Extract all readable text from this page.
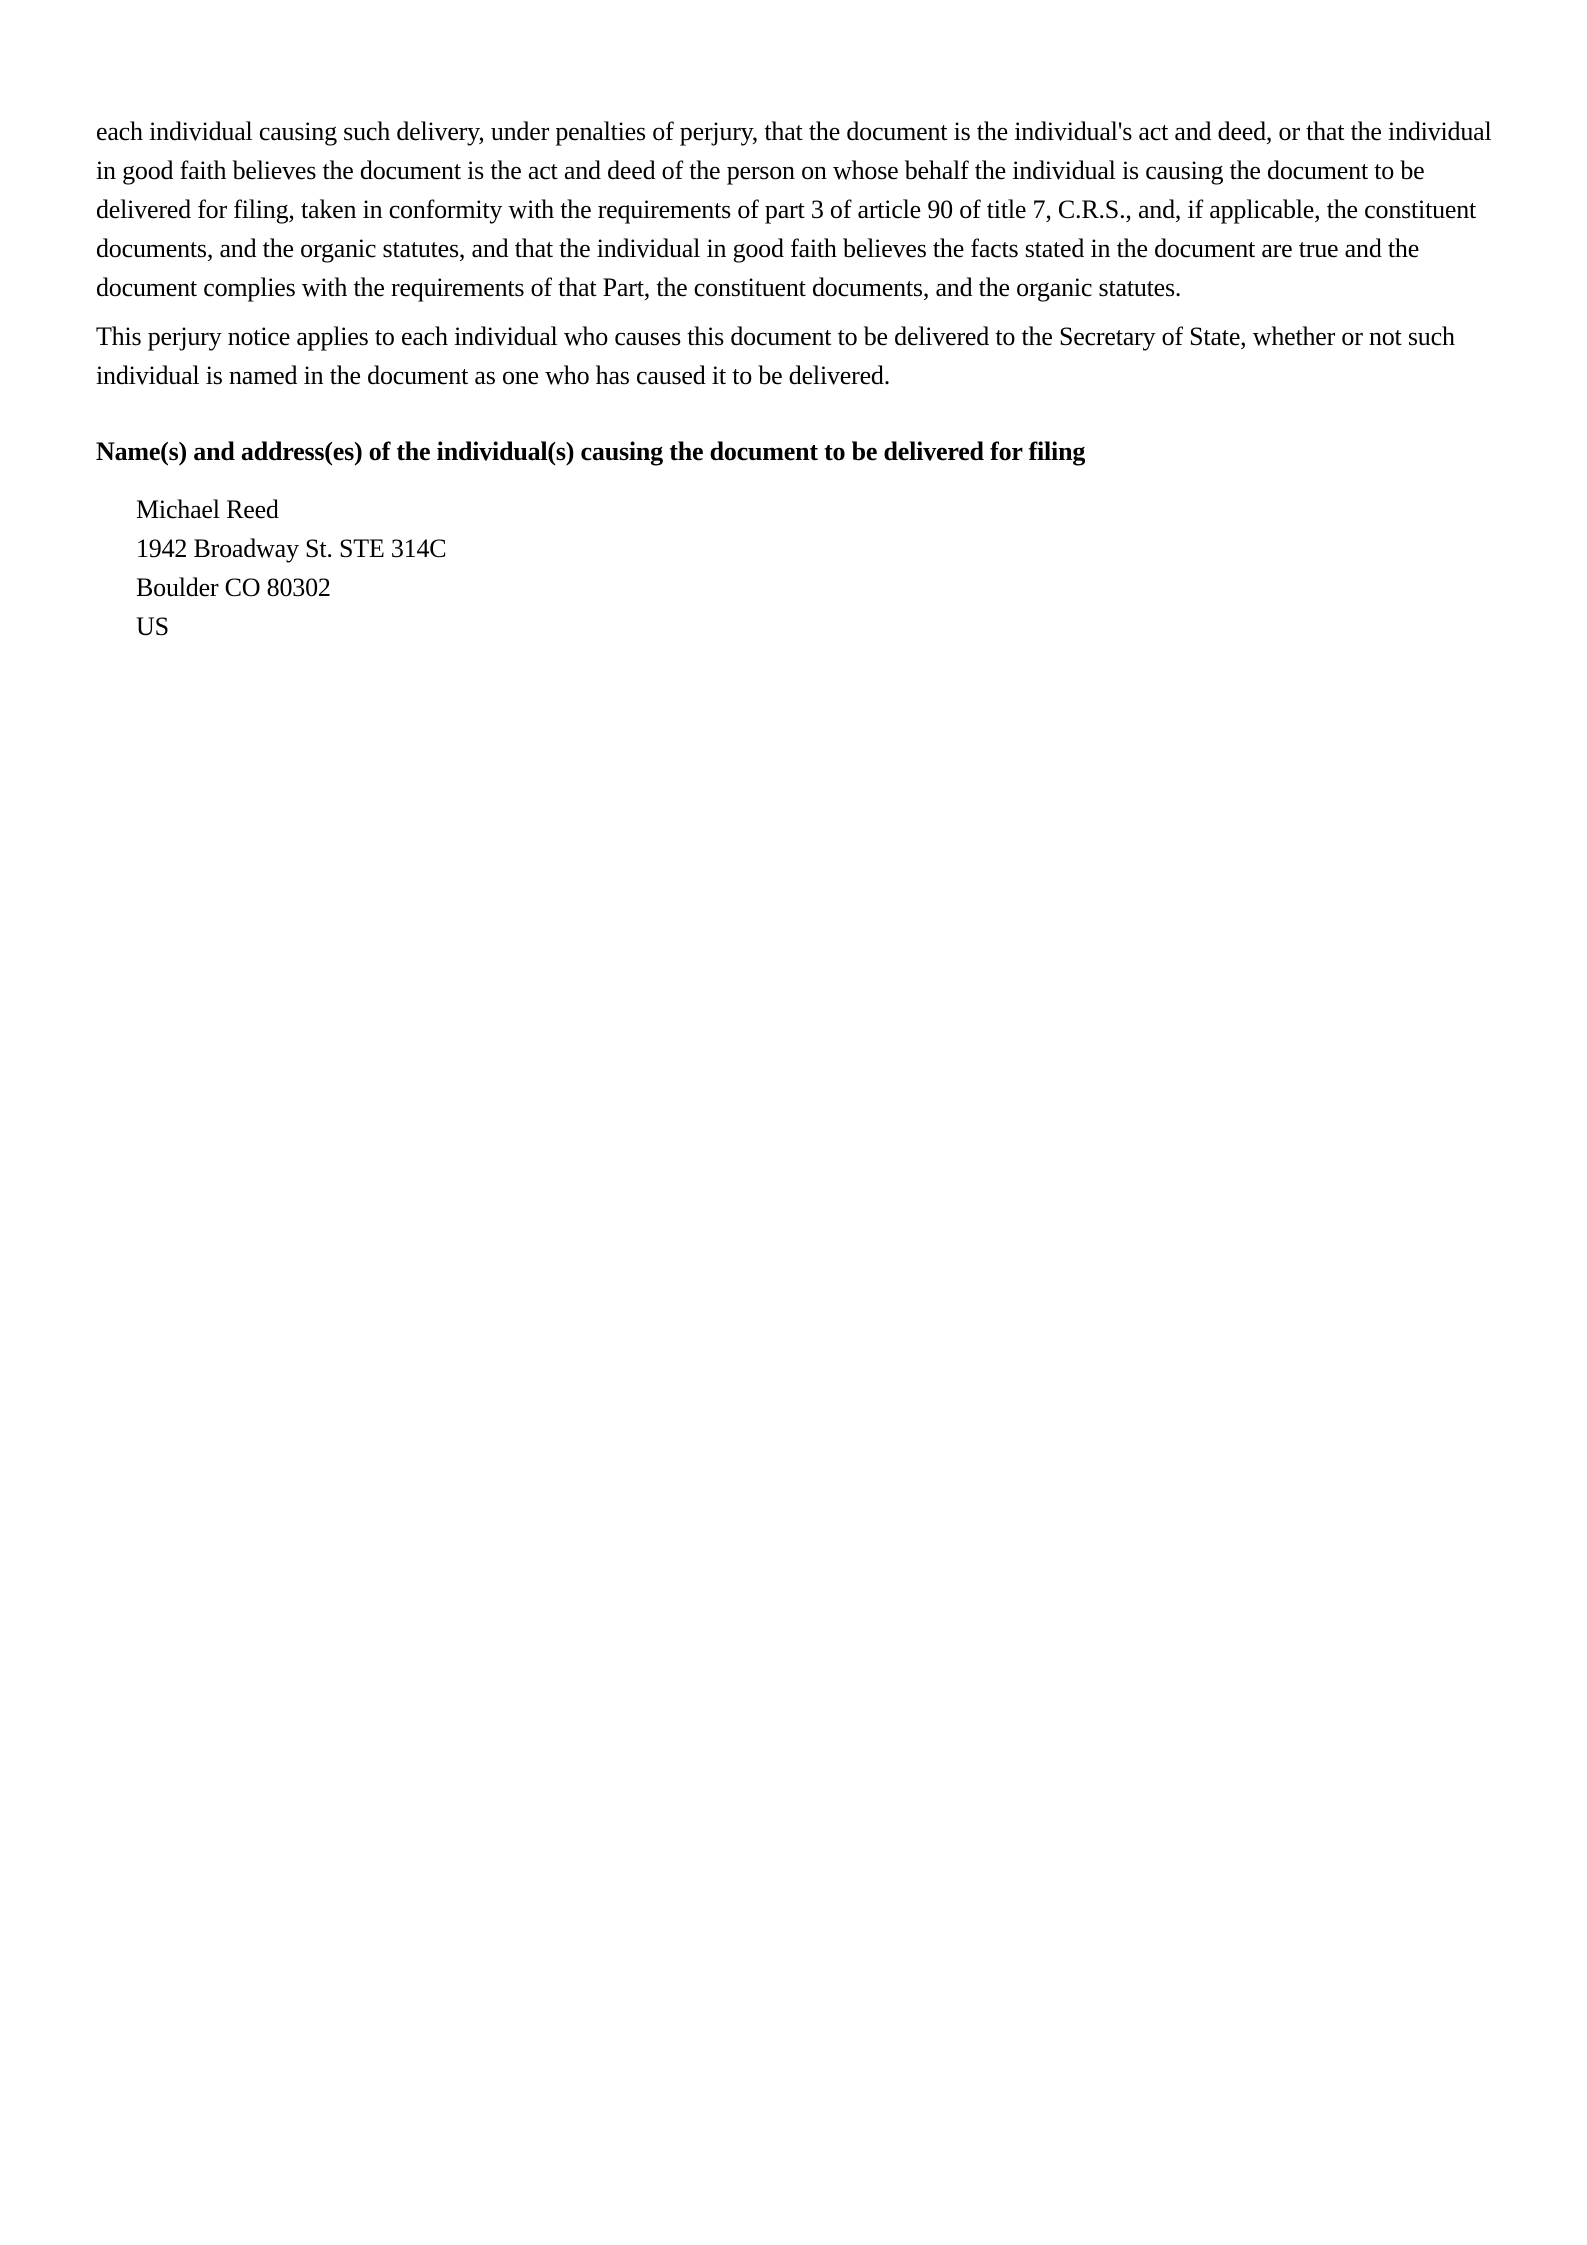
each individual causing such delivery, under penalties of perjury, that the document is the individual's act and deed, or that the individual in good faith believes the document is the act and deed of the person on whose behalf the individual is causing the document to be delivered for filing, taken in conformity with the requirements of part 3 of article 90 of title 7, C.R.S., and, if applicable, the constituent documents, and the organic statutes, and that the individual in good faith believes the facts stated in the document are true and the document complies with the requirements of that Part, the constituent documents, and the organic statutes.

This perjury notice applies to each individual who causes this document to be delivered to the Secretary of State, whether or not such individual is named in the document as one who has caused it to be delivered.

Name(s) and address(es) of the individual(s) causing the document to be delivered for filing

Michael Reed
1942 Broadway St. STE 314C
Boulder CO 80302
US
